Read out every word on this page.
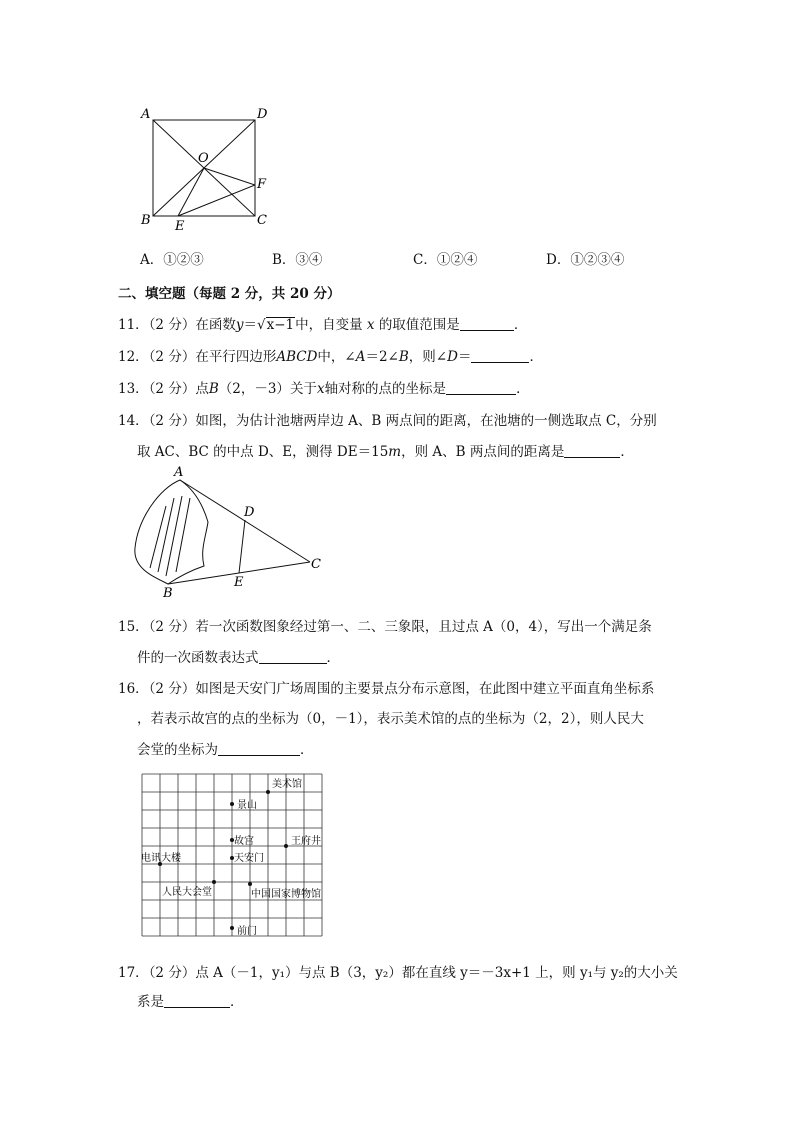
A	D
O
F
B E	C
A．①②③	B．③④	C．①②④	D．①②③④
二、填空题（每题 2 分，共 20 分）
11．（2 分）在函数y＝√x−1中，自变量 x 的取值范围是	．
12．（2 分）在平行四边形ABCD中，∠A＝2∠B，则∠D＝	．
13．（2 分）点B（2，－3）关于x轴对称的点的坐标是	．
14．（2 分）如图，为估计池塘两岸边 A、B 两点间的距离，在池塘的一侧选取点 C，分别
取 AC、BC 的中点 D、E，测得 DE＝15m，则 A、B 两点间的距离是	．
A
D
C
E
B
15．（2 分）若一次函数图象经过第一、二、三象限，且过点 A（0，4），写出一个满足条
件的一次函数表达式	．
16．（2 分）如图是天安门广场周围的主要景点分布示意图，在此图中建立平面直角坐标系
，若表示故宫的点的坐标为（0，－1），表示美术馆的点的坐标为（2，2），则人民大
会堂的坐标为	．
美术馆
景山
故宫	王府井
电讯大楼	天安门
人民大会堂	中国国家博物馆
前门
17．（2 分）点 A（－1，y₁）与点 B（3，y₂）都在直线 y＝－3x+1 上，则 y₁与 y₂的大小关
系是	．
